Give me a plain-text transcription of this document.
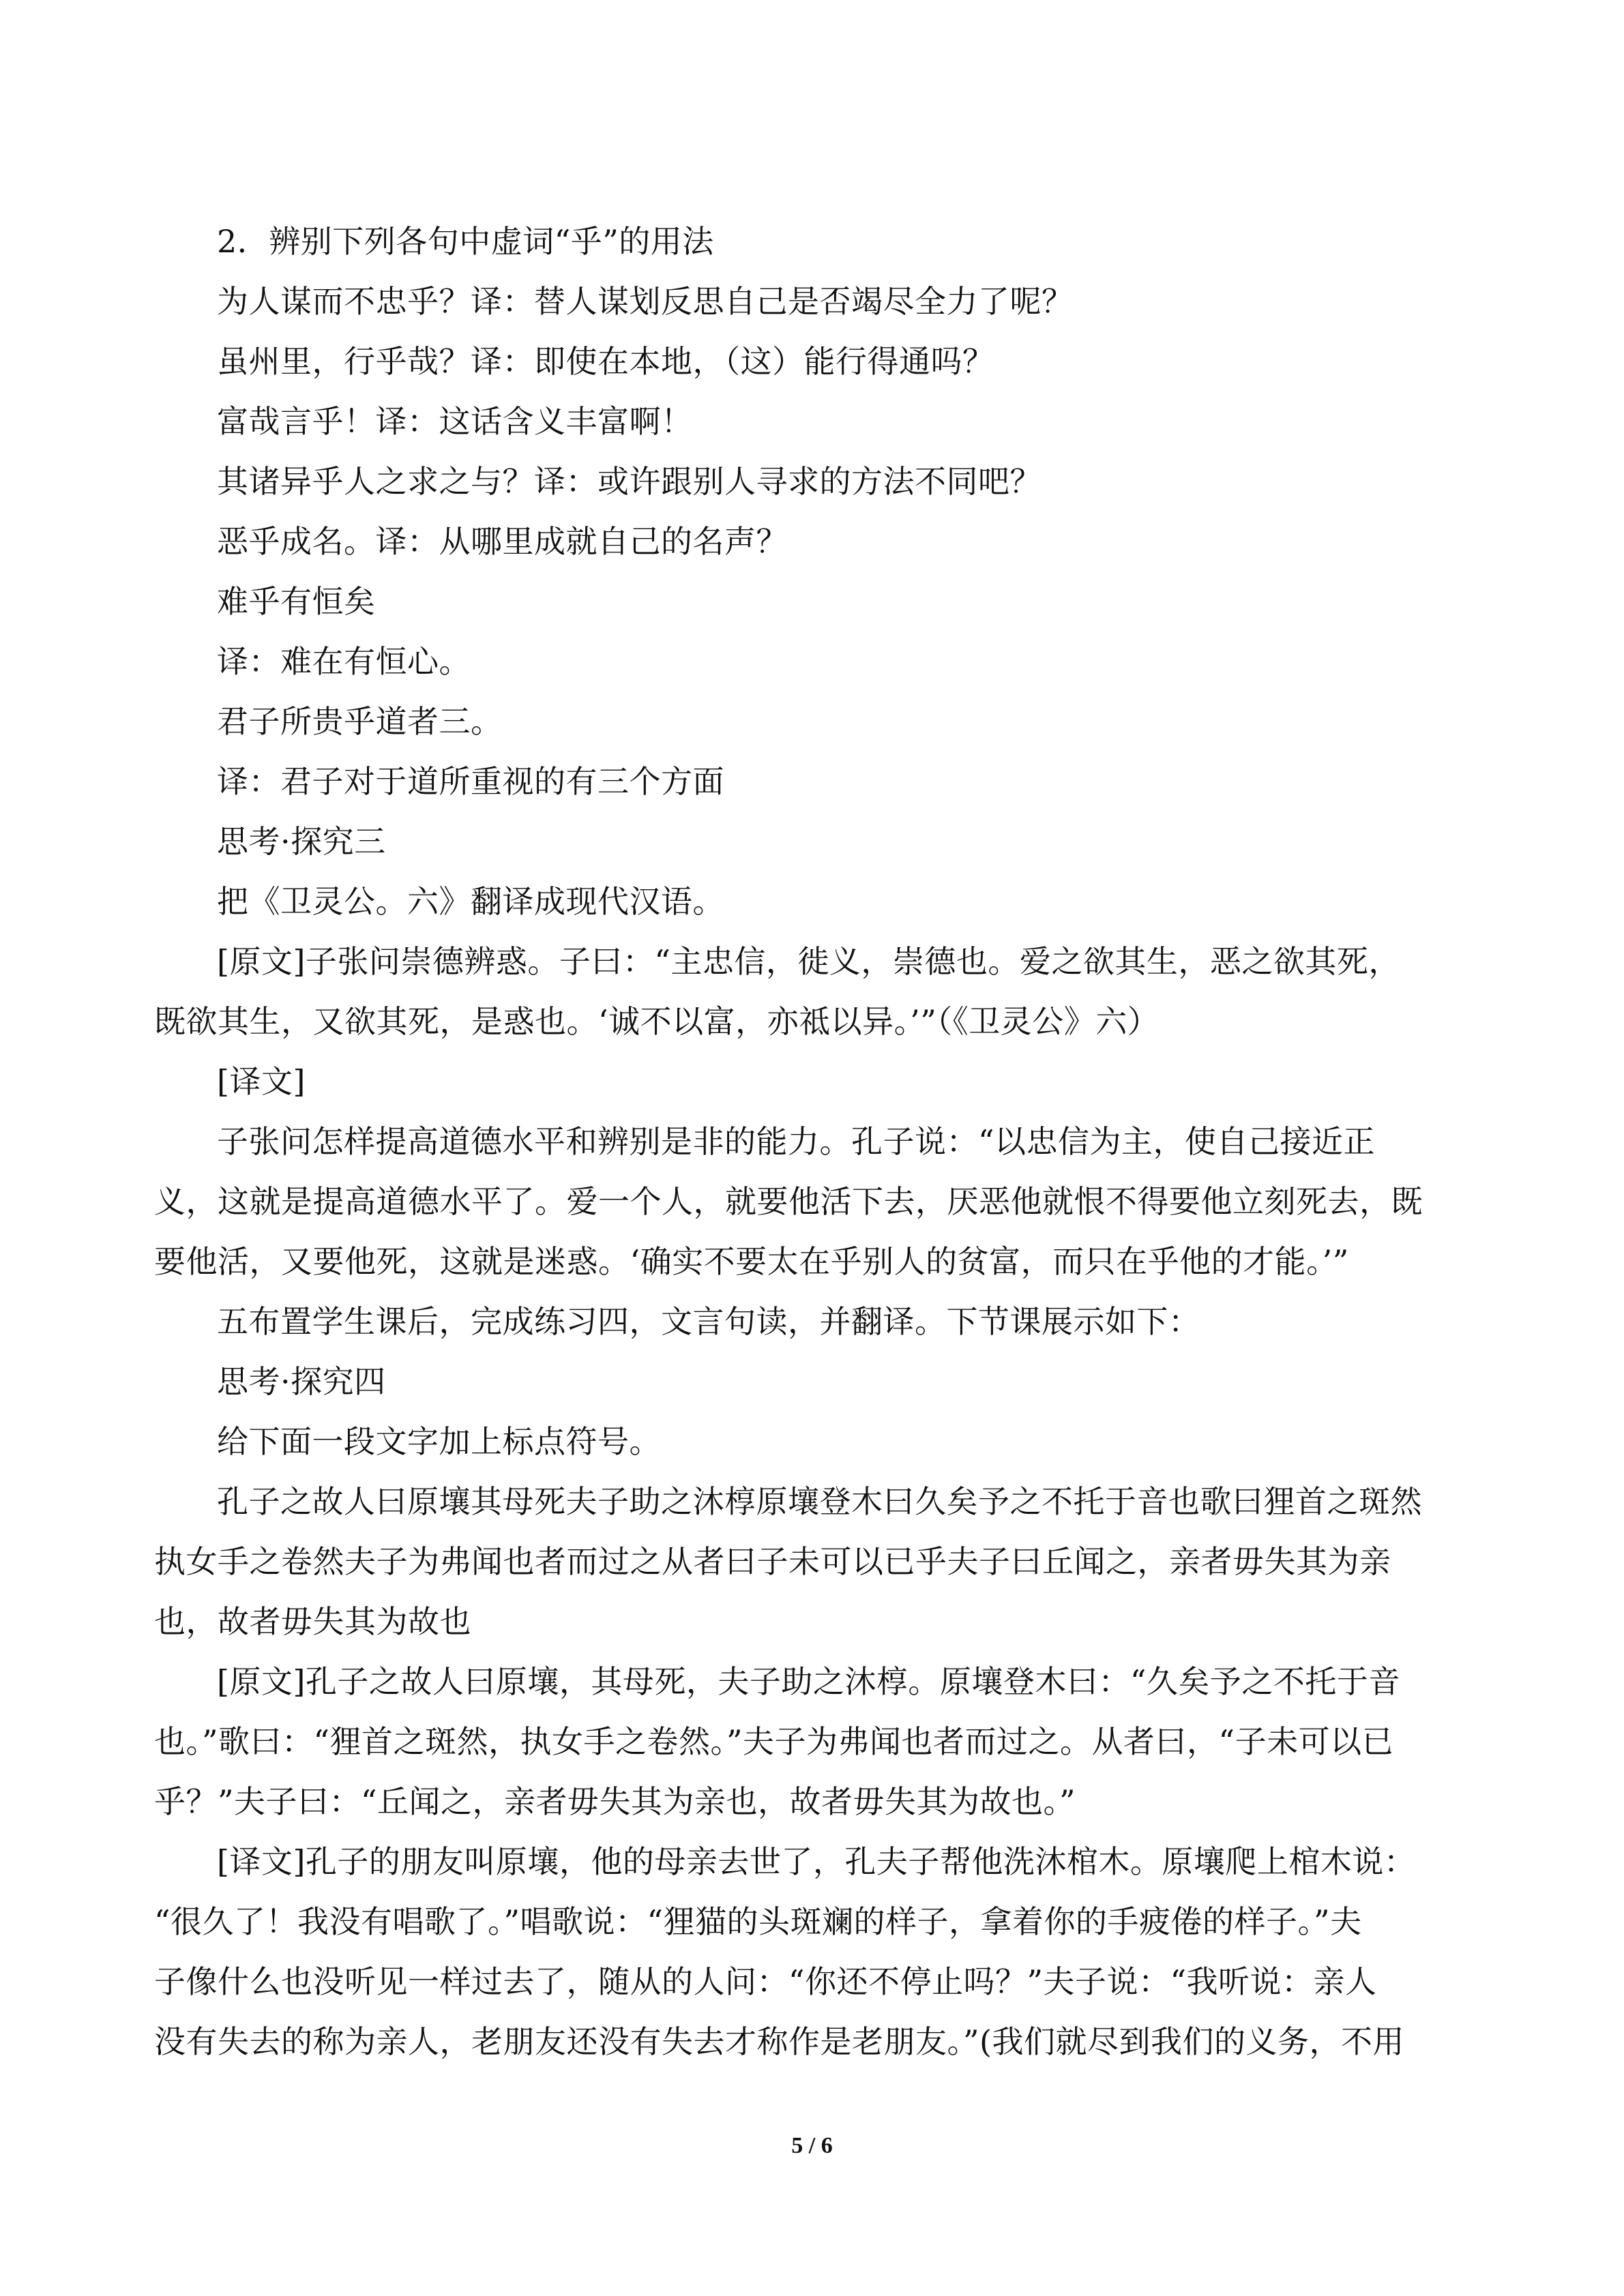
2．辨别下列各句中虚词“乎”的用法

为人谋而不忠乎？译：替人谋划反思自己是否竭尽全力了呢？

虽州里，行乎哉？译：即使在本地，（这）能行得通吗？

富哉言乎！译：这话含义丰富啊！

其诸异乎人之求之与？译：或许跟别人寻求的方法不同吧？

恶乎成名。译：从哪里成就自己的名声？

难乎有恒矣

译：难在有恒心。

君子所贵乎道者三。

译：君子对于道所重视的有三个方面

思考·探究三

把《卫灵公。六》翻译成现代汉语。

[原文]子张问崇德辨惑。子曰：“主忠信，徙义，崇德也。爱之欲其生，恶之欲其死，

既欲其生，又欲其死，是惑也。‘诚不以富，亦祗以异。’”（《卫灵公》六）

[译文]

子张问怎样提高道德水平和辨别是非的能力。孔子说：“以忠信为主，使自己接近正

义，这就是提高道德水平了。爱一个人，就要他活下去，厌恶他就恨不得要他立刻死去，既

要他活，又要他死，这就是迷惑。‘确实不要太在乎别人的贫富，而只在乎他的才能。’”

五布置学生课后，完成练习四，文言句读，并翻译。下节课展示如下：

思考·探究四

给下面一段文字加上标点符号。

孔子之故人曰原壤其母死夫子助之沐椁原壤登木曰久矣予之不托于音也歌曰狸首之斑然

执女手之卷然夫子为弗闻也者而过之从者曰子未可以已乎夫子曰丘闻之，亲者毋失其为亲

也，故者毋失其为故也

[原文]孔子之故人曰原壤，其母死，夫子助之沐椁。原壤登木曰：“久矣予之不托于音

也。”歌曰：“狸首之斑然，执女手之卷然。”夫子为弗闻也者而过之。从者曰，“子未可以已

乎？”夫子曰：“丘闻之，亲者毋失其为亲也，故者毋失其为故也。”

[译文]孔子的朋友叫原壤，他的母亲去世了，孔夫子帮他洗沐棺木。原壤爬上棺木说：

“很久了！我没有唱歌了。”唱歌说：“狸猫的头斑斓的样子，拿着你的手疲倦的样子。”夫

子像什么也没听见一样过去了，随从的人问：“你还不停止吗？”夫子说：“我听说：亲人

没有失去的称为亲人，老朋友还没有失去才称作是老朋友。”(我们就尽到我们的义务，不用

5 / 6
